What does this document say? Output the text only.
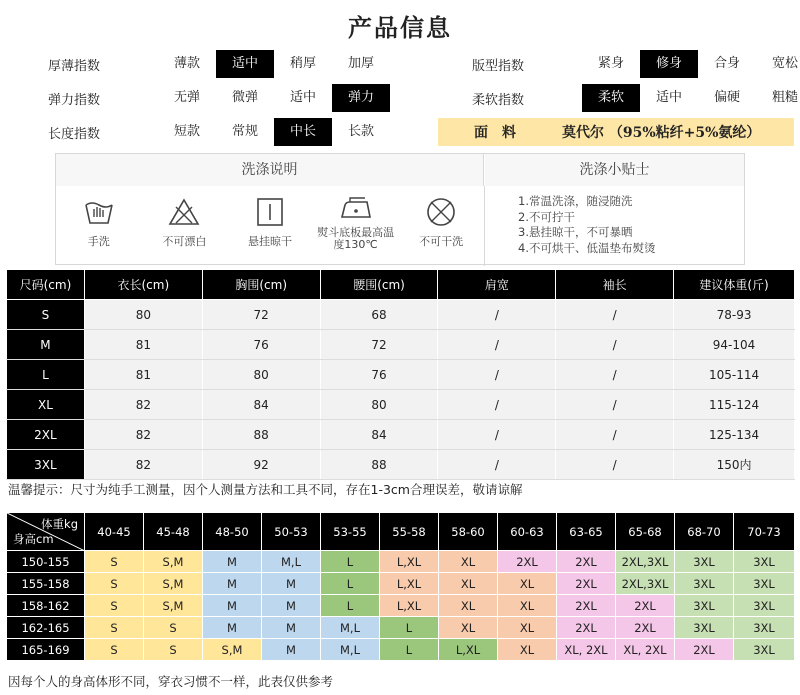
产品信息
厚薄指数	薄款	适中	稍厚	加厚
弹力指数	无弹	微弹	适中	弹力
长度指数	短款	常规	中长	长款
版型指数	紧身	修身	合身	宽松
柔软指数	柔软	适中	偏硬	粗糙
面　料	莫代尔 （95%粘纤+5%氨纶）
洗涤说明	洗涤小贴士
手洗	不可漂白	悬挂晾干
熨斗底板最高温度130℃	不可干洗
1.常温洗涤，随浸随洗
2.不可拧干
3.悬挂晾干，不可暴晒
4.不可烘干、低温垫布熨烫
尺码(cm)	衣长(cm)	胸围(cm)	腰围(cm)	肩宽	袖长	建议体重(斤)
S	80	72	68	/	/	78-93
M	81	76	72	/	/	94-104
L	81	80	76	/	/	105-114
XL	82	84	80	/	/	115-124
2XL	82	88	84	/	/	125-134
3XL	82	92	88	/	/	150内
温馨提示：尺寸为纯手工测量，因个人测量方法和工具不同，存在1-3cm合理误差，敬请谅解
体重kg
身高cm	40-45	45-48	48-50	50-53	53-55	55-58	58-60	60-63	63-65	65-68	68-70	70-73
150-155	S	S,M	M	M,L	L	L,XL	XL	2XL	2XL	2XL,3XL	3XL	3XL
155-158	S	S,M	M	M	L	L,XL	XL	XL	2XL	2XL,3XL	3XL	3XL
158-162	S	S,M	M	M	L	L,XL	XL	XL	2XL	2XL	3XL	3XL
162-165	S	S	M	M	M,L	L	XL	XL	2XL	2XL	3XL	3XL
165-169	S	S	S,M	M	M,L	L	L,XL	XL	XL, 2XL	XL, 2XL	2XL	3XL
因每个人的身高体形不同，穿衣习惯不一样，此表仅供参考
